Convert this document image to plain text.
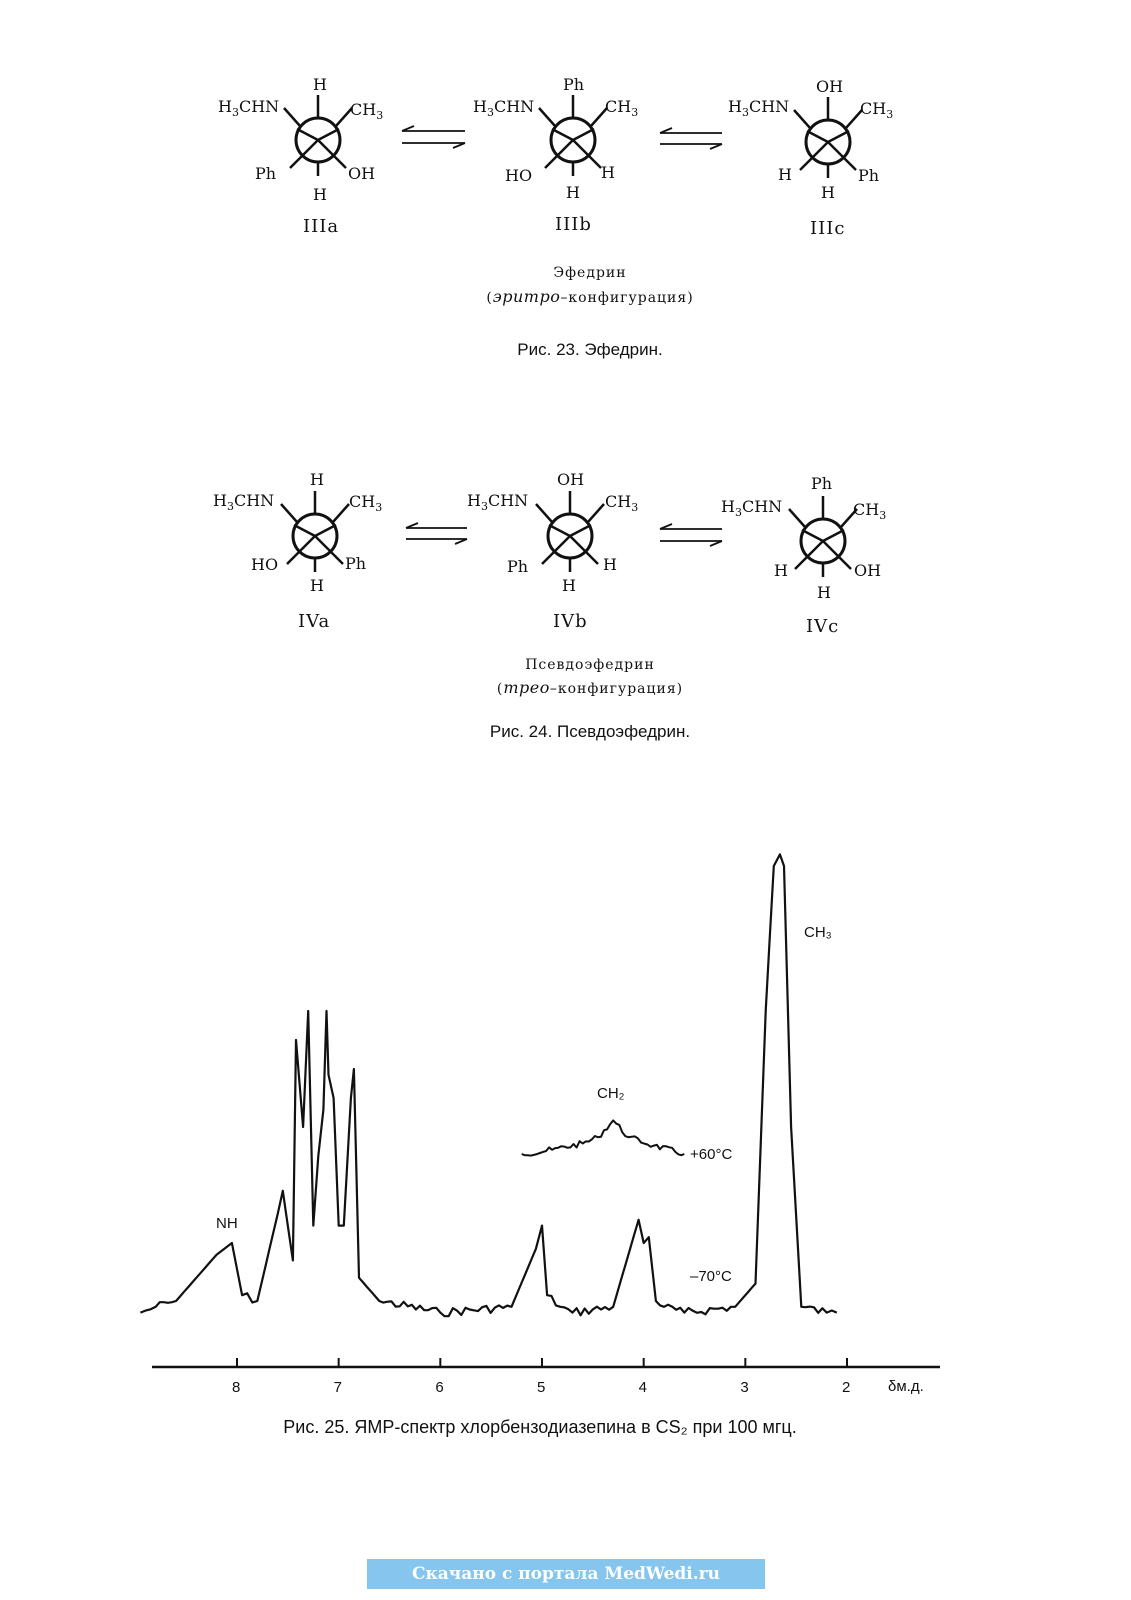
H
$H_3CHN$	$CH_3$
Ph	OH
H
IIIa
Ph
$H_3CHN$	$CH_3$
HO	H
H
IIIb
OH
$H_3CHN$	$CH_3$
H	Ph
H
IIIc
Эфедрин
(эритро–конфигурация)
Рис. 23. Эфедрин.
H
$H_3CHN$	$CH_3$
HO	Ph
H
IVa
OH
$H_3CHN$	$CH_3$
Ph	H
H
IVb
Ph
$H_3CHN$	$CH_3$
H	OH
H
IVc
Псевдоэфедрин
(трео–конфигурация)
Рис. 24. Псевдоэфедрин.
8	7	6	5	4	3	2
NH
CH₂
CH₃
+60°C
–70°C
δм.д.
Рис. 25. ЯМР-спектр хлорбензодиазепина в CS₂ при 100 мгц.
Скачано с портала MedWedi.ru
